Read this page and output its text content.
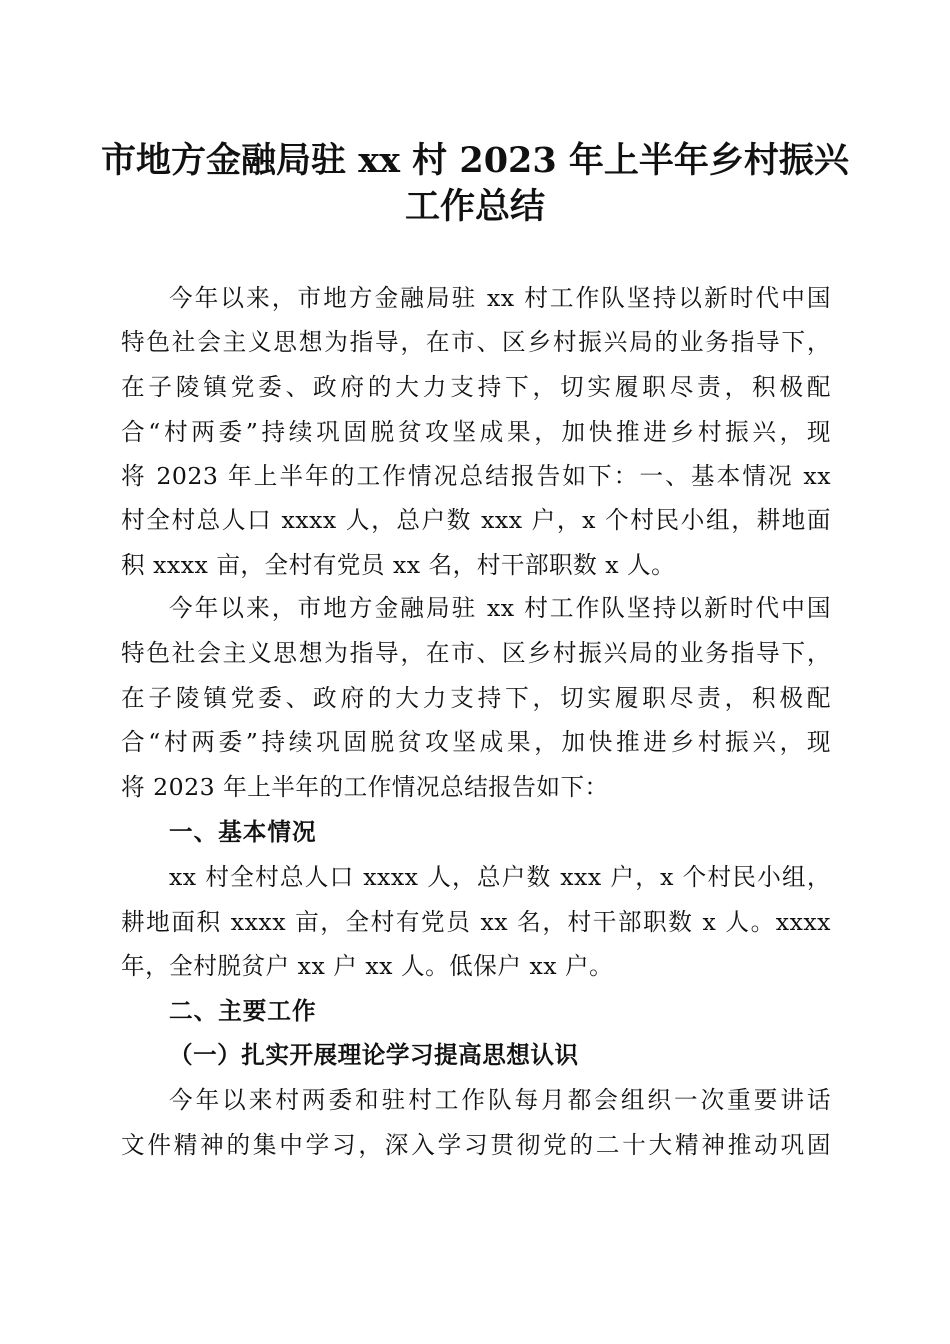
市地方金融局驻 xx 村 2023 年上半年乡村振兴
工作总结

今年以来，市地方金融局驻 xx 村工作队坚持以新时代中国

特色社会主义思想为指导，在市、区乡村振兴局的业务指导下，

在子陵镇党委、政府的大力支持下，切实履职尽责，积极配

合“村两委”持续巩固脱贫攻坚成果，加快推进乡村振兴，现

将 2023 年上半年的工作情况总结报告如下：一、基本情况 xx

村全村总人口 xxxx 人，总户数 xxx 户，x 个村民小组，耕地面

积 xxxx 亩，全村有党员 xx 名，村干部职数 x 人。

今年以来，市地方金融局驻 xx 村工作队坚持以新时代中国

特色社会主义思想为指导，在市、区乡村振兴局的业务指导下，

在子陵镇党委、政府的大力支持下，切实履职尽责，积极配

合“村两委”持续巩固脱贫攻坚成果，加快推进乡村振兴，现

将 2023 年上半年的工作情况总结报告如下：

一、基本情况

xx 村全村总人口 xxxx 人，总户数 xxx 户，x 个村民小组，

耕地面积 xxxx 亩，全村有党员 xx 名，村干部职数 x 人。xxxx

年，全村脱贫户 xx 户 xx 人。低保户 xx 户。

二、主要工作
（一）扎实开展理论学习提高思想认识

今年以来村两委和驻村工作队每月都会组织一次重要讲话

文件精神的集中学习，深入学习贯彻党的二十大精神推动巩固
